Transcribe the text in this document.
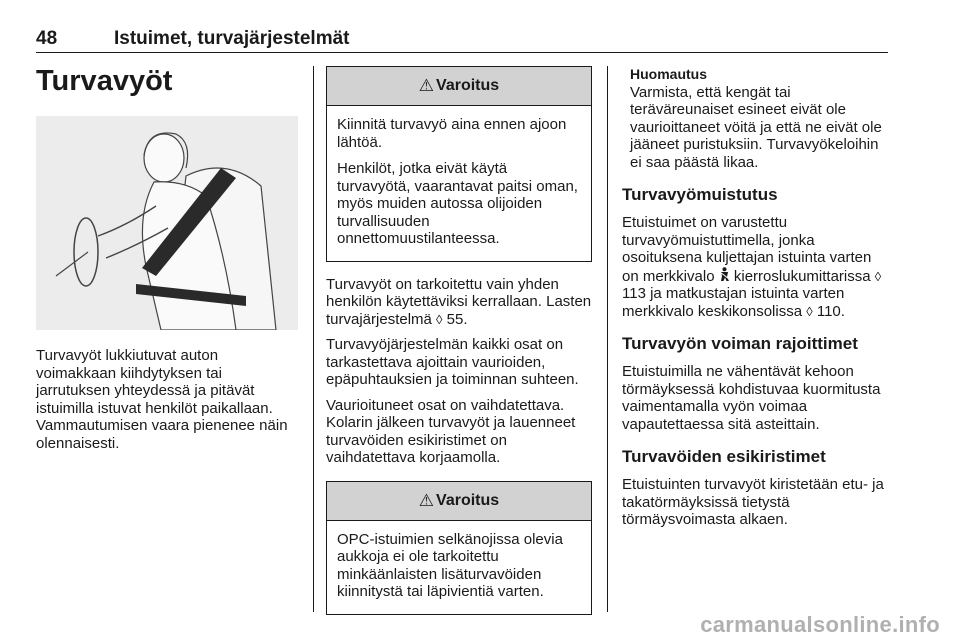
48	Istuimet, turvajärjestelmät
Turvavyöt

Turvavyöt lukkiutuvat auton voimakkaan kiihdytyksen tai jarrutuksen yhteydessä ja pitävät istuimilla istuvat henkilöt paikallaan. Vammautumisen vaara pienenee näin olennaisesti.

⚠ Varoitus

Kiinnitä turvavyö aina ennen ajoon lähtöä.

Henkilöt, jotka eivät käytä turvavyötä, vaarantavat paitsi oman, myös muiden autossa olijoiden turvallisuuden onnettomuustilanteessa.

Turvavyöt on tarkoitettu vain yhden henkilön käytettäviksi kerrallaan. Lasten turvajärjestelmä ◊ 55.

Turvavyöjärjestelmän kaikki osat on tarkastettava ajoittain vaurioiden, epäpuhtauksien ja toiminnan suhteen.

Vaurioituneet osat on vaihdatettava. Kolarin jälkeen turvavyöt ja lauenneet turvavöiden esikiristimet on vaihdatettava korjaamolla.

⚠ Varoitus

OPC-istuimien selkänojissa olevia aukkoja ei ole tarkoitettu minkäänlaisten lisäturvavöiden kiinnitystä tai läpivientiä varten.

Huomautus
Varmista, että kengät tai teräväreunaiset esineet eivät ole vaurioittaneet vöitä ja että ne eivät ole jääneet puristuksiin. Turvavyökeloihin ei saa päästä likaa.
Turvavyömuistutus

Etuistuimet on varustettu turvavyömuistuttimella, jonka osoituksena kuljettajan istuinta varten on merkkivalo  kierroslukumittarissa ◊ 113 ja matkustajan istuinta varten merkkivalo keskikonsolissa ◊ 110.

Turvavyön voiman rajoittimet

Etuistuimilla ne vähentävät kehoon törmäyksessä kohdistuvaa kuormitusta vaimentamalla vyön voimaa vapautettaessa sitä asteittain.

Turvavöiden esikiristimet

Etuistuinten turvavyöt kiristetään etu- ja takatörmäyksissä tietystä törmäysvoimasta alkaen.

carmanualsonline.info
